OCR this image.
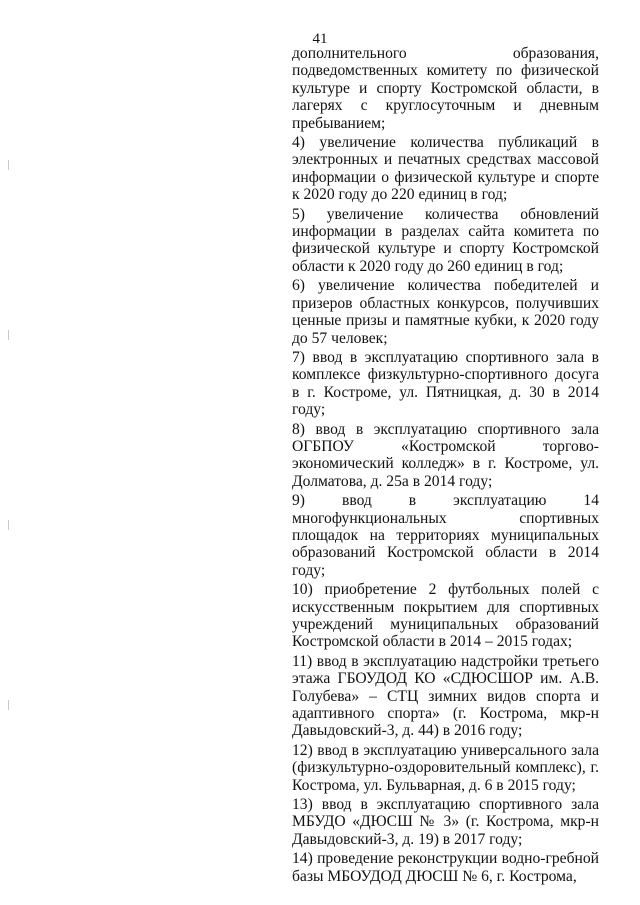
41

дополнительного образования, подведомственных комитету по физической культуре и спорту Костромской области, в лагерях с круглосуточным и дневным пребыванием;

4) увеличение количества публикаций в электронных и печатных средствах массовой информации о физической культуре и спорте к 2020 году до 220 единиц в год;

5) увеличение количества обновлений информации в разделах сайта комитета по физической культуре и спорту Костромской области к 2020 году до 260 единиц в год;

6) увеличение количества победителей и призеров областных конкурсов, получивших ценные призы и памятные кубки, к 2020 году до 57 человек;

7) ввод в эксплуатацию спортивного зала в комплексе физкультурно-спортивного досуга в г. Костроме, ул. Пятницкая, д. 30 в 2014 году;

8) ввод в эксплуатацию спортивного зала ОГБПОУ «Костромской торгово-экономический колледж» в г. Костроме, ул. Долматова, д. 25а в 2014 году;

9) ввод в эксплуатацию 14 многофункциональных спортивных площадок на территориях муниципальных образований Костромской области в 2014 году;

10) приобретение 2 футбольных полей с искусственным покрытием для спортивных учреждений муниципальных образований Костромской области в 2014 – 2015 годах;

11) ввод в эксплуатацию надстройки третьего этажа ГБОУДОД КО «СДЮСШОР им. А.В. Голубева» – СТЦ зимних видов спорта и адаптивного спорта» (г. Кострома, мкр-н Давыдовский-3, д. 44) в 2016 году;

12) ввод в эксплуатацию универсального зала (физкультурно-оздоровительный комплекс), г. Кострома, ул. Бульварная, д. 6 в 2015 году;

13) ввод в эксплуатацию спортивного зала МБУДО «ДЮСШ № 3» (г. Кострома, мкр-н Давыдовский-3, д. 19) в 2017 году;

14) проведение реконструкции водно-гребной базы МБОУДОД ДЮСШ № 6, г. Кострома,
